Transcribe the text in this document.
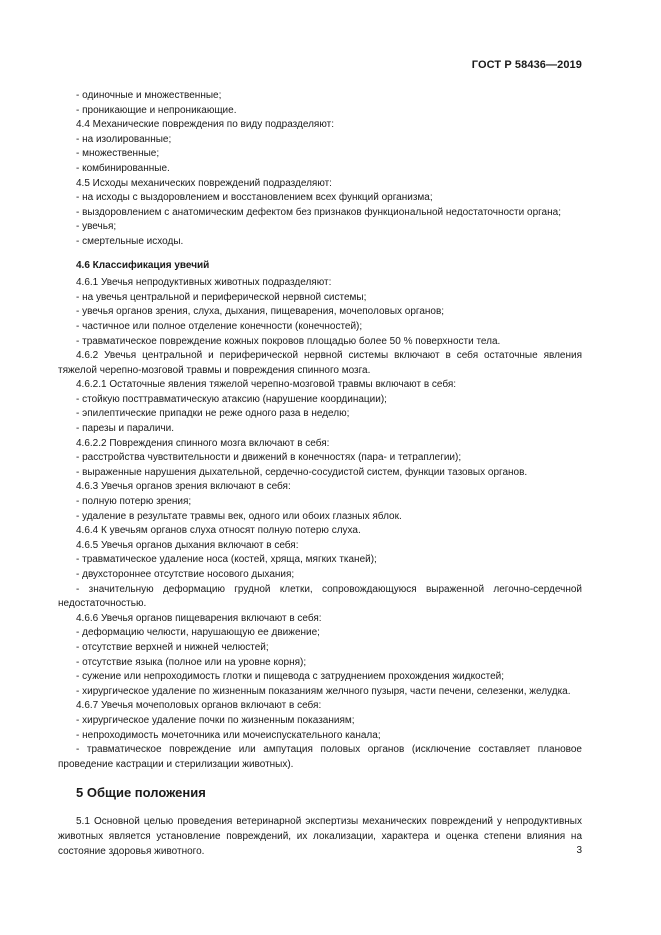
ГОСТ Р 58436—2019

- одиночные и множественные;

- проникающие и непроникающие.

4.4 Механические повреждения по виду подразделяют:

- на изолированные;

- множественные;

- комбинированные.

4.5 Исходы механических повреждений подразделяют:

- на исходы с выздоровлением и восстановлением всех функций организма;

- выздоровлением с анатомическим дефектом без признаков функциональной недостаточности органа;

- увечья;

- смертельные исходы.

4.6 Классификация увечий

4.6.1 Увечья непродуктивных животных подразделяют:

- на увечья центральной и периферической нервной системы;

- увечья органов зрения, слуха, дыхания, пищеварения, мочеполовых органов;

- частичное или полное отделение конечности (конечностей);

- травматическое повреждение кожных покровов площадью более 50 % поверхности тела.

4.6.2 Увечья центральной и периферической нервной системы включают в себя остаточные явления тяжелой черепно-мозговой травмы и повреждения спинного мозга.

4.6.2.1 Остаточные явления тяжелой черепно-мозговой травмы включают в себя:

- стойкую посттравматическую атаксию (нарушение координации);

- эпилептические припадки не реже одного раза в неделю;

- парезы и параличи.

4.6.2.2 Повреждения спинного мозга включают в себя:

- расстройства чувствительности и движений в конечностях (пара- и тетраплегии);

- выраженные нарушения дыхательной, сердечно-сосудистой систем, функции тазовых органов.

4.6.3 Увечья органов зрения включают в себя:

- полную потерю зрения;

- удаление в результате травмы век, одного или обоих глазных яблок.

4.6.4 К увечьям органов слуха относят полную потерю слуха.

4.6.5 Увечья органов дыхания включают в себя:

- травматическое удаление носа (костей, хряща, мягких тканей);

- двухстороннее отсутствие носового дыхания;

- значительную деформацию грудной клетки, сопровождающуюся выраженной легочно-сердечной недостаточностью.

4.6.6 Увечья органов пищеварения включают в себя:

- деформацию челюсти, нарушающую ее движение;

- отсутствие верхней и нижней челюстей;

- отсутствие языка (полное или на уровне корня);

- сужение или непроходимость глотки и пищевода с затруднением прохождения жидкостей;

- хирургическое удаление по жизненным показаниям желчного пузыря, части печени, селезенки, желудка.

4.6.7 Увечья мочеполовых органов включают в себя:

- хирургическое удаление почки по жизненным показаниям;

- непроходимость мочеточника или мочеиспускательного канала;

- травматическое повреждение или ампутация половых органов (исключение составляет плановое проведение кастрации и стерилизации животных).

5 Общие положения

5.1 Основной целью проведения ветеринарной экспертизы механических повреждений у непродуктивных животных является установление повреждений, их локализации, характера и оценка степени влияния на состояние здоровья животного.	3
